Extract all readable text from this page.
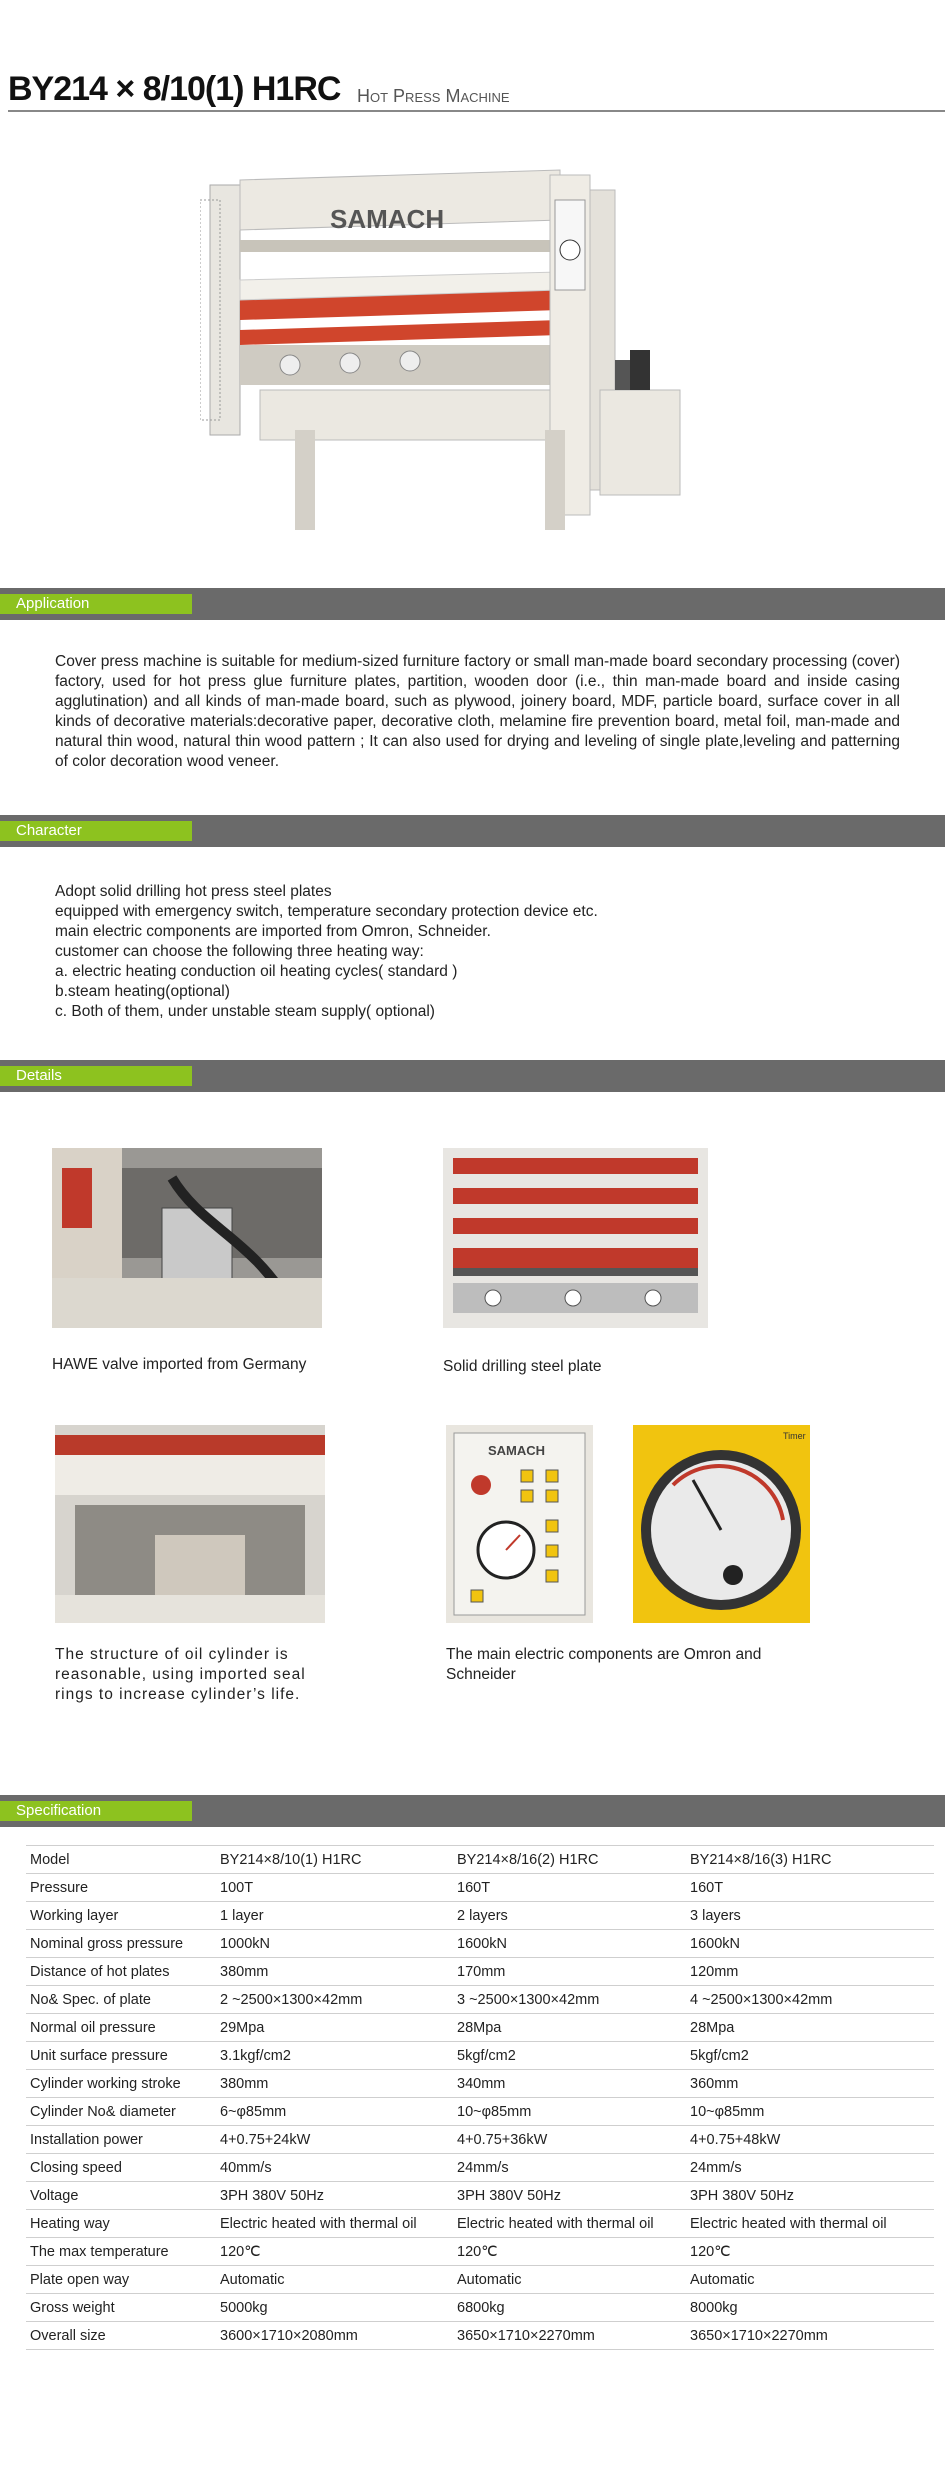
BY214 × 8/10(1) H1RC Hot Press Machine
SAMACH
Application
Cover press machine is suitable for medium-sized furniture factory or small man-made board secondary processing (cover) factory, used for hot press glue furniture plates, partition, wooden door (i.e., thin man-made board and inside casing agglutination) and all kinds of man-made board, such as plywood, joinery board, MDF, particle board, surface cover in all kinds of decorative materials:decorative paper, decorative cloth, melamine fire prevention board, metal foil, man-made and natural thin wood, natural thin wood pattern ; It can also used for drying and leveling of single plate,leveling and patterning of color decoration wood veneer.
Character
Adopt solid drilling hot press steel plates
equipped with emergency switch, temperature secondary protection device etc.
main electric components are imported from Omron, Schneider.
customer can choose the following three heating way:
a. electric heating conduction oil heating cycles( standard )
b.steam heating(optional)
c. Both of them, under unstable steam supply( optional)
Details
HAWE valve imported from Germany	Solid drilling steel plate
SAMACH
Timer
The structure of oil cylinder is reasonable, using imported seal rings to increase cylinder’s life.
The main electric components are Omron and Schneider
Specification
Model	BY214×8/10(1) H1RC	BY214×8/16(2) H1RC	BY214×8/16(3) H1RC
Pressure	100T	160T	160T
Working layer	1 layer	2 layers	3 layers
Nominal gross pressure	1000kN	1600kN	1600kN
Distance of hot plates	380mm	170mm	120mm
No& Spec. of plate	2 ~2500×1300×42mm	3 ~2500×1300×42mm	4 ~2500×1300×42mm
Normal oil pressure	29Mpa	28Mpa	28Mpa
Unit surface pressure	3.1kgf/cm2	5kgf/cm2	5kgf/cm2
Cylinder working stroke	380mm	340mm	360mm
Cylinder No& diameter	6~φ85mm	10~φ85mm	10~φ85mm
Installation power	4+0.75+24kW	4+0.75+36kW	4+0.75+48kW
Closing speed	40mm/s	24mm/s	24mm/s
Voltage	3PH 380V 50Hz	3PH 380V 50Hz	3PH 380V 50Hz
Heating way	Electric heated with thermal oil	Electric heated with thermal oil	Electric heated with thermal oil
The max temperature	120℃	120℃	120℃
Plate open way	Automatic	Automatic	Automatic
Gross weight	5000kg	6800kg	8000kg
Overall size	3600×1710×2080mm	3650×1710×2270mm	3650×1710×2270mm
